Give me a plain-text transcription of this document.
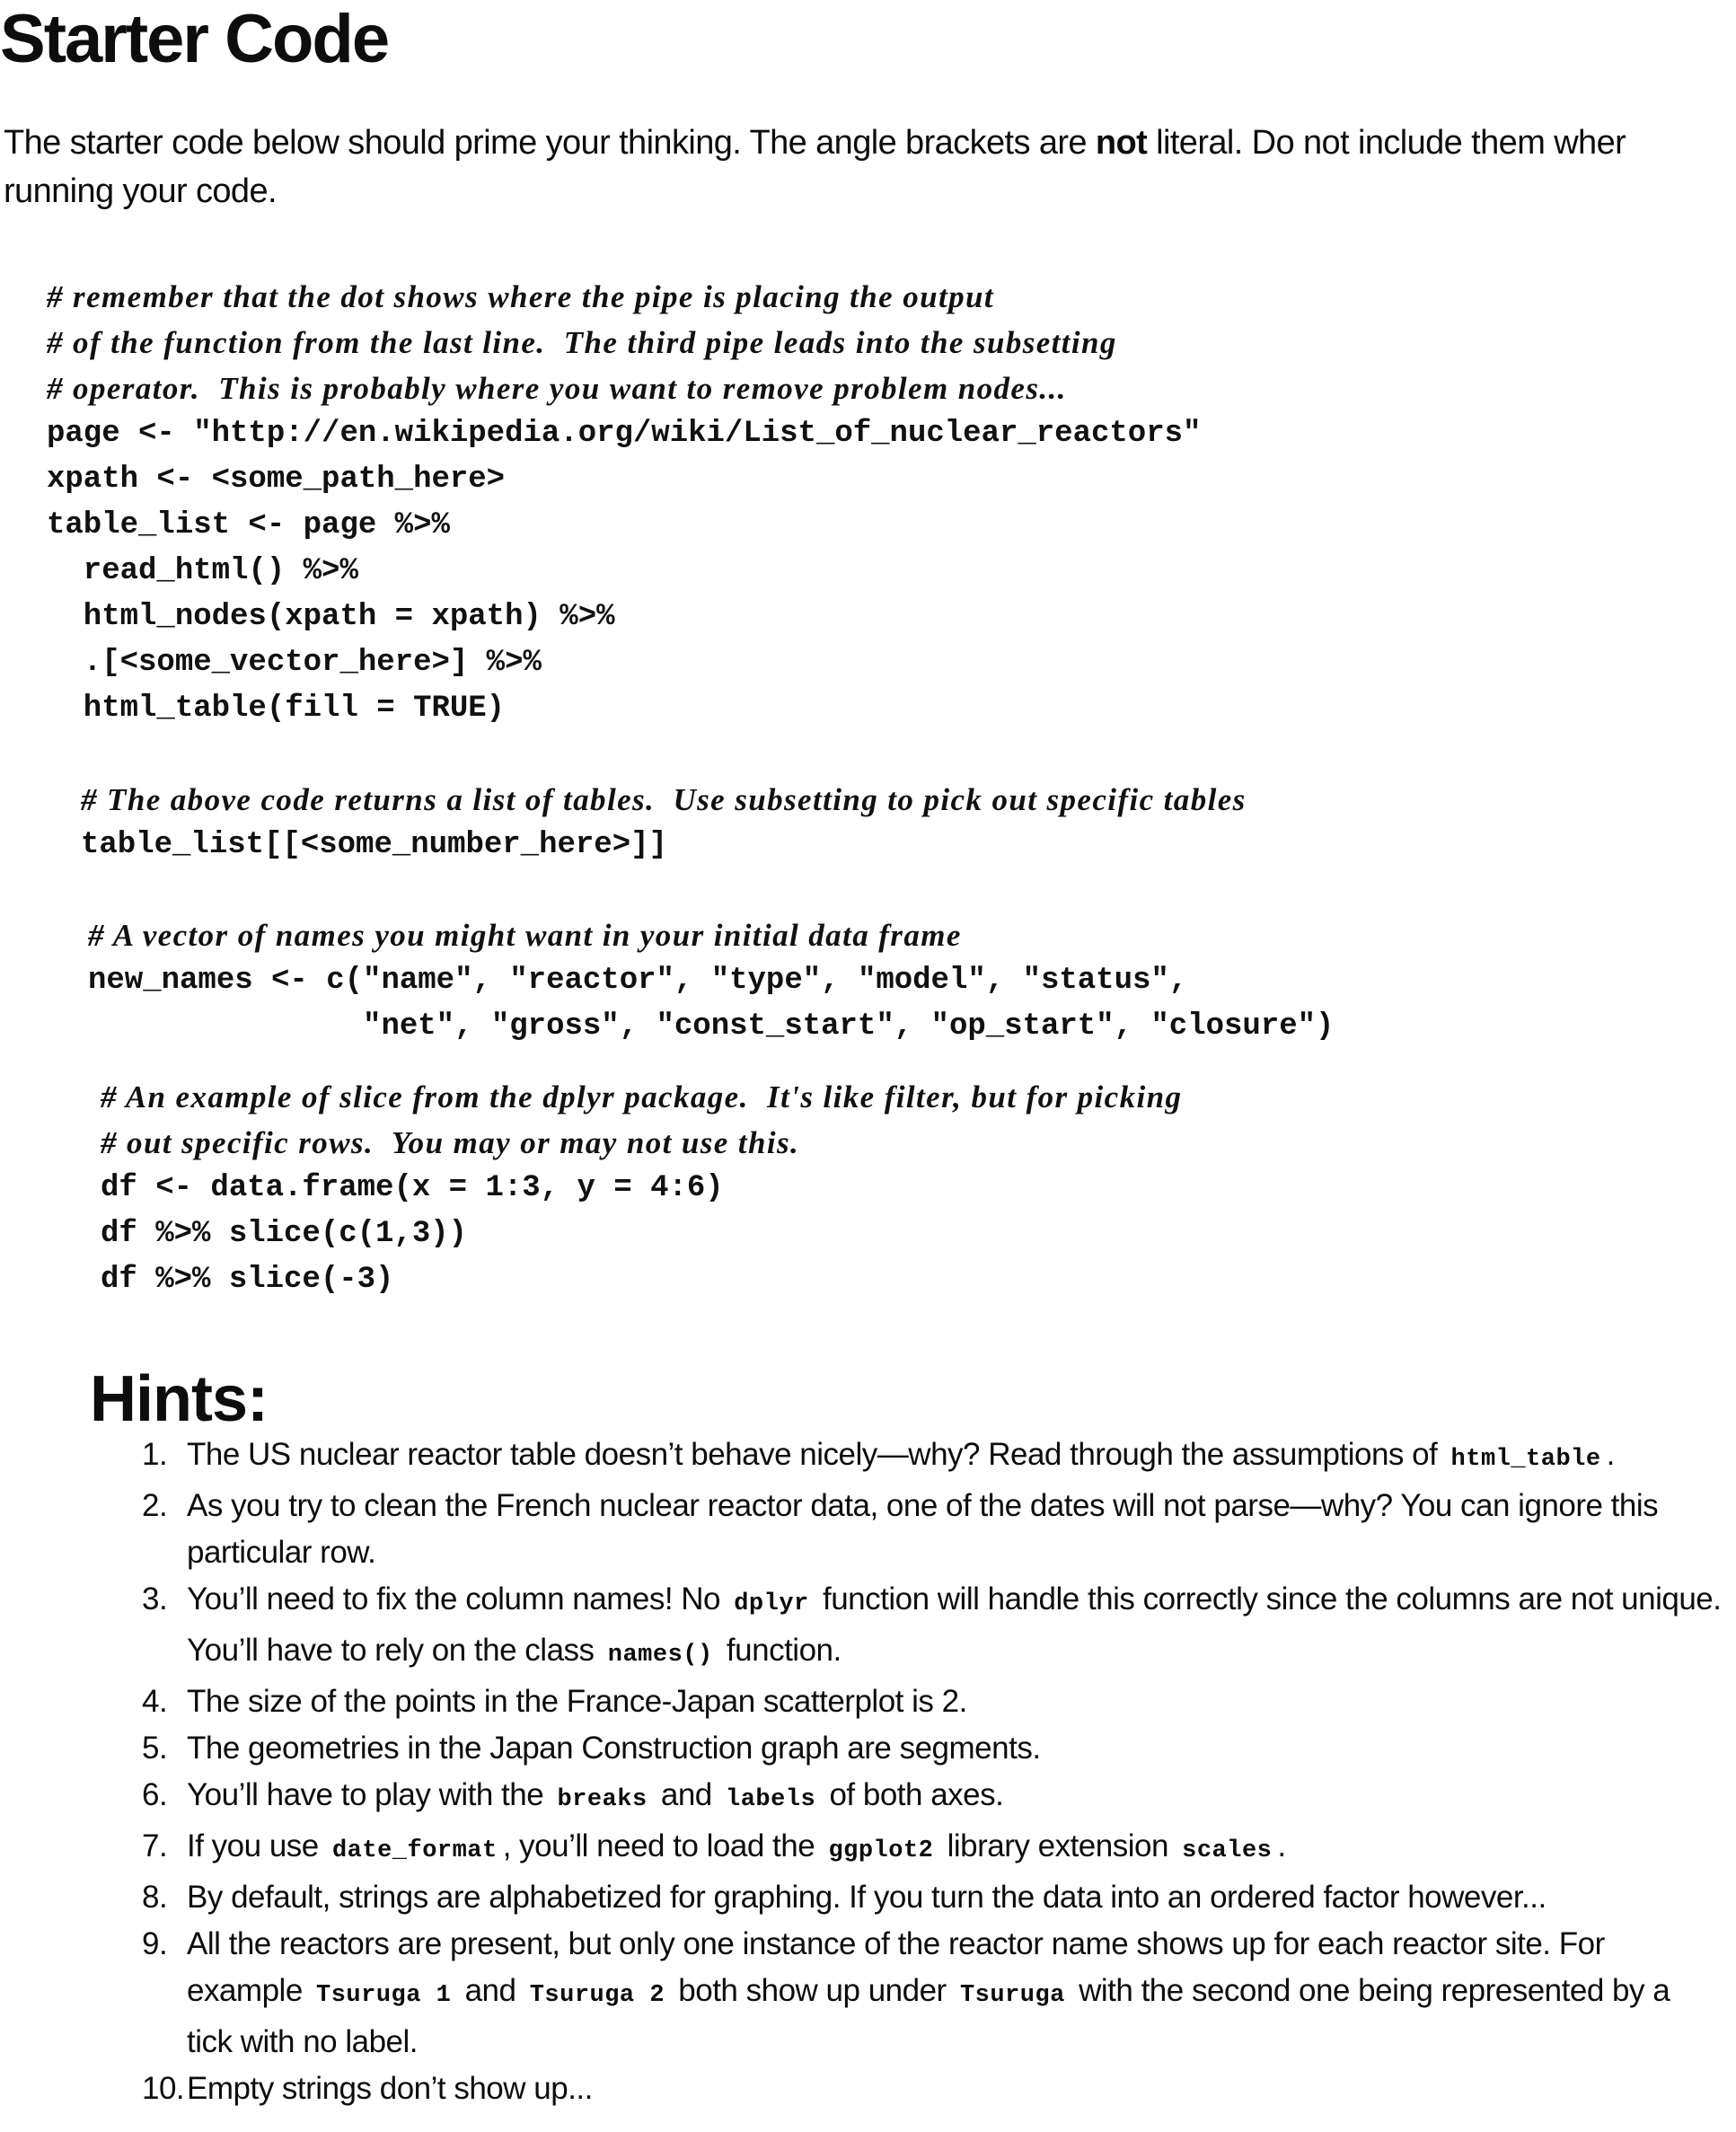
Starter Code

The starter code below should prime your thinking. The angle brackets are not literal. Do not include them wher
running your code.

# remember that the dot shows where the pipe is placing the output
# of the function from the last line.  The third pipe leads into the subsetting
# operator.  This is probably where you want to remove problem nodes...
page <- "http://en.wikipedia.org/wiki/List_of_nuclear_reactors"
xpath <- <some_path_here>
table_list <- page %>%
read_html() %>%
html_nodes(xpath = xpath) %>%
.[<some_vector_here>] %>%
html_table(fill = TRUE)
# The above code returns a list of tables.  Use subsetting to pick out specific tables
table_list[[<some_number_here>]]
# A vector of names you might want in your initial data frame
new_names <- c("name", "reactor", "type", "model", "status",
"net", "gross", "const_start", "op_start", "closure")
# An example of slice from the dplyr package.  It's like filter, but for picking
# out specific rows.  You may or may not use this.
df <- data.frame(x = 1:3, y = 4:6)
df %>% slice(c(1,3))
df %>% slice(-3)
Hints:
1. The US nuclear reactor table doesn’t behave nicely—why? Read through the assumptions of html_table .
2. As you try to clean the French nuclear reactor data, one of the dates will not parse—why? You can ignore this particular row.
3. You’ll need to fix the column names! No dplyr function will handle this correctly since the columns are not unique. You’ll have to rely on the class names() function.
4. The size of the points in the France-Japan scatterplot is 2.
5. The geometries in the Japan Construction graph are segments.
6. You’ll have to play with the breaks and labels of both axes.
7. If you use date_format , you’ll need to load the ggplot2 library extension scales .
8. By default, strings are alphabetized for graphing. If you turn the data into an ordered factor however...
9. All the reactors are present, but only one instance of the reactor name shows up for each reactor site. For example Tsuruga 1 and Tsuruga 2 both show up under Tsuruga with the second one being represented by a tick with no label.
10. Empty strings don’t show up...
